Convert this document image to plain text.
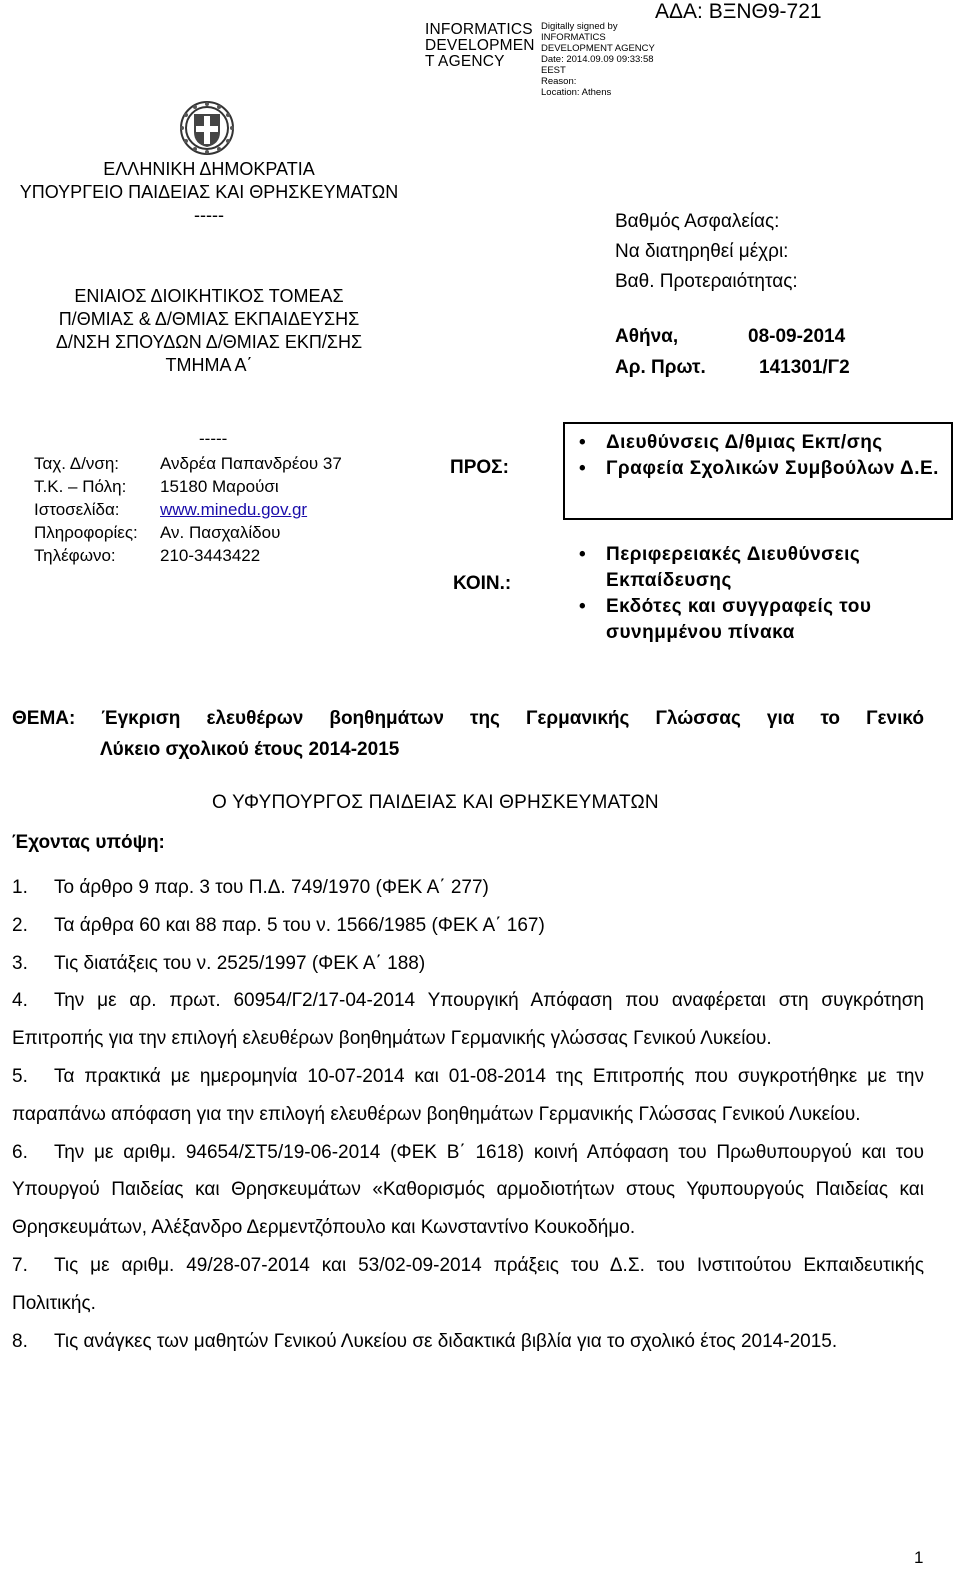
INFORMATICS
DEVELOPMEN
T AGENCY
Digitally signed by
INFORMATICS
DEVELOPMENT AGENCY
Date: 2014.09.09 09:33:58
EEST
Reason:
Location: Athens
ΑΔΑ: ΒΞΝΘ9-721
ΕΛΛΗΝΙΚΗ ΔΗΜΟΚΡΑΤΙΑ
ΥΠΟΥΡΓΕΙΟ ΠΑΙΔΕΙΑΣ ΚΑΙ ΘΡΗΣΚΕΥΜΑΤΩΝ
-----
ΕΝΙΑΙΟΣ ΔΙΟΙΚΗΤΙΚΟΣ ΤΟΜΕΑΣ
Π/ΘΜΙΑΣ & Δ/ΘΜΙΑΣ ΕΚΠΑΙΔΕΥΣΗΣ
Δ/ΝΣΗ ΣΠΟΥΔΩΝ Δ/ΘΜΙΑΣ ΕΚΠ/ΣΗΣ
ΤΜΗΜΑ Α΄
-----
Βαθμός Ασφαλείας:
Να διατηρηθεί μέχρι:
Βαθ. Προτεραιότητας:
Αθήνα,	08-09-2014
Αρ. Πρωτ.	141301/Γ2
Ταχ. Δ/νση:	Ανδρέα Παπανδρέου 37
Τ.Κ. – Πόλη:	15180 Μαρούσι
Ιστοσελίδα:	www.minedu.gov.gr
Πληροφορίες:	Αν. Πασχαλίδου
Τηλέφωνο:	210-3443422
ΠΡΟΣ:
• Διευθύνσεις Δ/θμιας Εκπ/σης
• Γραφεία Σχολικών Συμβούλων Δ.Ε.
ΚΟΙΝ.:
• Περιφερειακές Διευθύνσεις Εκπαίδευσης
• Εκδότες και συγγραφείς του συνημμένου πίνακα
ΘΕΜΑ: Έγκριση ελευθέρων βοηθημάτων της Γερμανικής Γλώσσας για το Γενικό
Λύκειο σχολικού έτους 2014-2015
Ο ΥΦΥΠΟΥΡΓΟΣ ΠΑΙΔΕΙΑΣ ΚΑΙ ΘΡΗΣΚΕΥΜΑΤΩΝ
Έχοντας υπόψη:
1. Το άρθρο 9 παρ. 3 του Π.Δ. 749/1970 (ΦΕΚ Α΄ 277)
2. Τα άρθρα 60 και 88 παρ. 5 του ν. 1566/1985 (ΦΕΚ Α΄ 167)
3. Τις διατάξεις του ν. 2525/1997 (ΦΕΚ Α΄ 188)
4. Την με αρ. πρωτ. 60954/Γ2/17-04-2014 Υπουργική Απόφαση που αναφέρεται στη συγκρότηση Επιτροπής για την επιλογή ελευθέρων βοηθημάτων Γερμανικής γλώσσας Γενικού Λυκείου.
5. Τα πρακτικά με ημερομηνία 10-07-2014 και 01-08-2014 της Επιτροπής που συγκροτήθηκε με την παραπάνω απόφαση για την επιλογή ελευθέρων βοηθημάτων Γερμανικής Γλώσσας Γενικού Λυκείου.
6. Την με αριθμ. 94654/ΣΤ5/19-06-2014 (ΦΕΚ Β΄ 1618) κοινή Απόφαση του Πρωθυπουργού και του Υπουργού Παιδείας και Θρησκευμάτων «Καθορισμός αρμοδιοτήτων στους Υφυπουργούς Παιδείας και Θρησκευμάτων, Αλέξανδρο Δερμεντζόπουλο και Κωνσταντίνο Κουκοδήμο.
7. Τις με αριθμ. 49/28-07-2014 και 53/02-09-2014 πράξεις του Δ.Σ. του Ινστιτούτου Εκπαιδευτικής Πολιτικής.
8. Τις ανάγκες των μαθητών Γενικού Λυκείου σε διδακτικά βιβλία για το σχολικό έτος 2014-2015.
1
